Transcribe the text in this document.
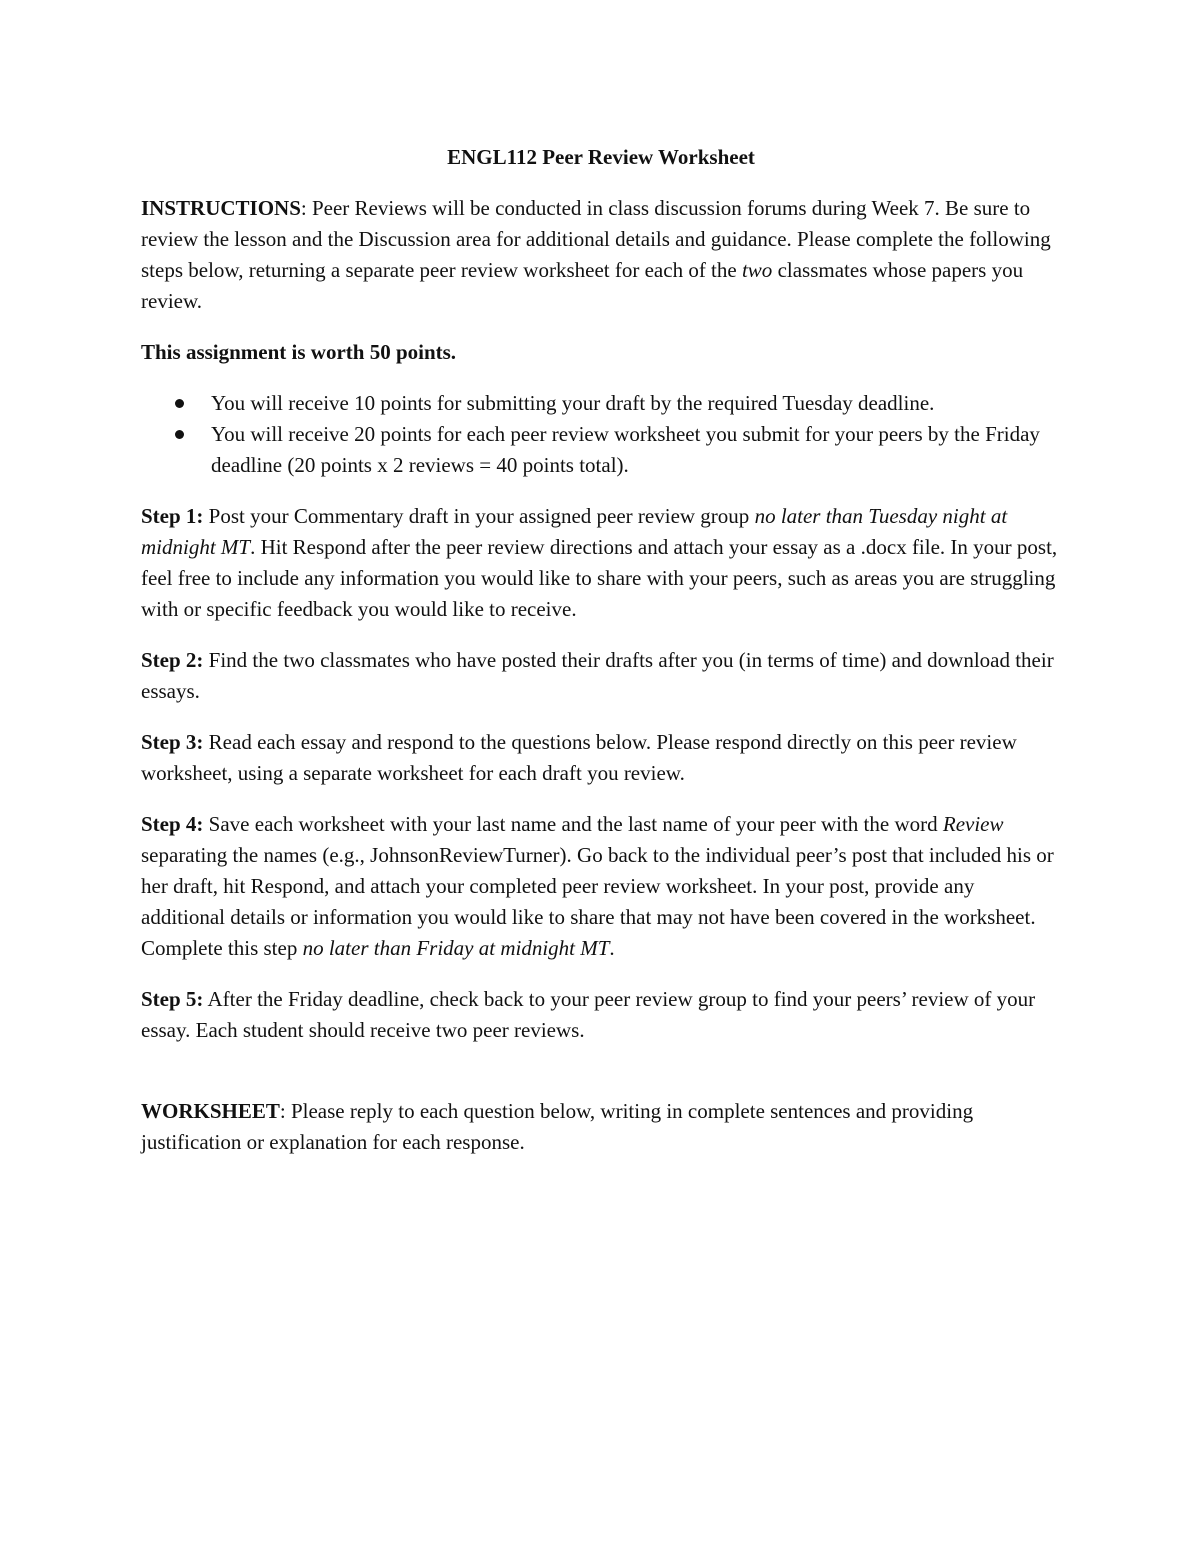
ENGL112 Peer Review Worksheet

INSTRUCTIONS: Peer Reviews will be conducted in class discussion forums during Week 7. Be sure to review the lesson and the Discussion area for additional details and guidance. Please complete the following steps below, returning a separate peer review worksheet for each of the two classmates whose papers you review.

This assignment is worth 50 points.

You will receive 10 points for submitting your draft by the required Tuesday deadline.
You will receive 20 points for each peer review worksheet you submit for your peers by the Friday deadline (20 points x 2 reviews = 40 points total).

Step 1: Post your Commentary draft in your assigned peer review group no later than Tuesday night at midnight MT. Hit Respond after the peer review directions and attach your essay as a .docx file. In your post, feel free to include any information you would like to share with your peers, such as areas you are struggling with or specific feedback you would like to receive.

Step 2: Find the two classmates who have posted their drafts after you (in terms of time) and download their essays.

Step 3: Read each essay and respond to the questions below. Please respond directly on this peer review worksheet, using a separate worksheet for each draft you review.

Step 4: Save each worksheet with your last name and the last name of your peer with the word Review separating the names (e.g., JohnsonReviewTurner). Go back to the individual peer’s post that included his or her draft, hit Respond, and attach your completed peer review worksheet. In your post, provide any additional details or information you would like to share that may not have been covered in the worksheet. Complete this step no later than Friday at midnight MT.

Step 5: After the Friday deadline, check back to your peer review group to find your peers’ review of your essay. Each student should receive two peer reviews.

WORKSHEET: Please reply to each question below, writing in complete sentences and providing justification or explanation for each response.
